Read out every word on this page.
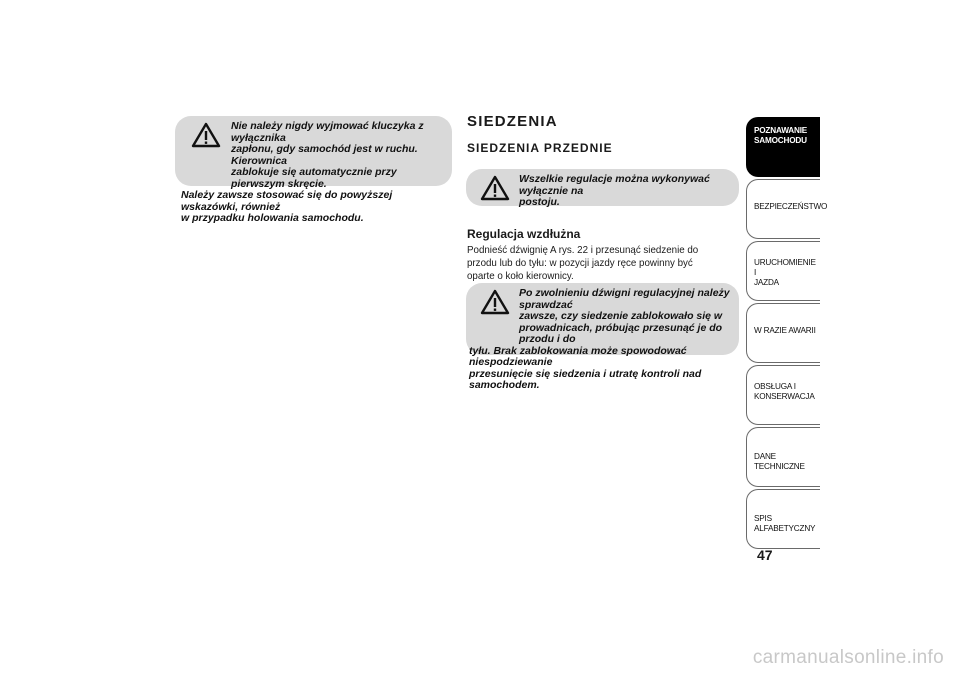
Nie należy nigdy wyjmować kluczyka z wyłącznika
zapłonu, gdy samochód jest w ruchu. Kierownica
zablokuje się automatycznie przy pierwszym skręcie.
Należy zawsze stosować się do powyższej wskazówki, również
w przypadku holowania samochodu.
SIEDZENIA
SIEDZENIA PRZEDNIE
Wszelkie regulacje można wykonywać wyłącznie na
postoju.
Regulacja wzdłużna
Podnieść dźwignię A rys. 22 i przesunąć siedzenie do przodu lub do tyłu: w pozycji jazdy ręce powinny być oparte o koło kierownicy.
Po zwolnieniu dźwigni regulacyjnej należy sprawdzać
zawsze, czy siedzenie zablokowało się w
prowadnicach, próbując przesunąć je do przodu i do
tyłu. Brak zablokowania może spowodować niespodziewanie
przesunięcie się siedzenia i utratę kontroli nad samochodem.
POZNAWANIE
SAMOCHODU
BEZPIECZEŃSTWO
URUCHOMIENIE I
JAZDA
W RAZIE AWARII
OBSŁUGA I
KONSERWACJA
DANE TECHNICZNE
SPIS ALFABETYCZNY
47
carmanualsonline.info
